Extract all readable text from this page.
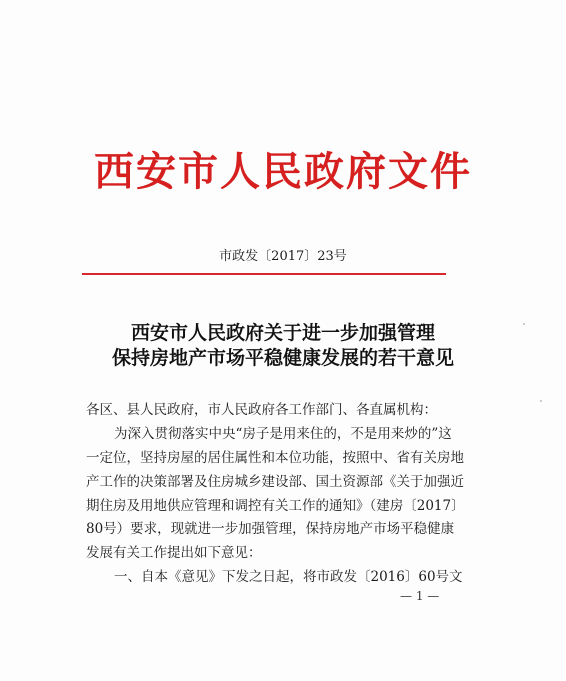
西安市人民政府文件
市政发〔2017〕23号
西安市人民政府关于进一步加强管理
保持房地产市场平稳健康发展的若干意见
各区、县人民政府，市人民政府各工作部门、各直属机构：
为深入贯彻落实中央“房子是用来住的，不是用来炒的”这
一定位，坚持房屋的居住属性和本位功能，按照中、省有关房地
产工作的决策部署及住房城乡建设部、国土资源部《关于加强近
期住房及用地供应管理和调控有关工作的通知》（建房〔2017〕
80号）要求，现就进一步加强管理，保持房地产市场平稳健康
发展有关工作提出如下意见：
一、自本《意见》下发之日起，将市政发〔2016〕60号文
— 1 —
